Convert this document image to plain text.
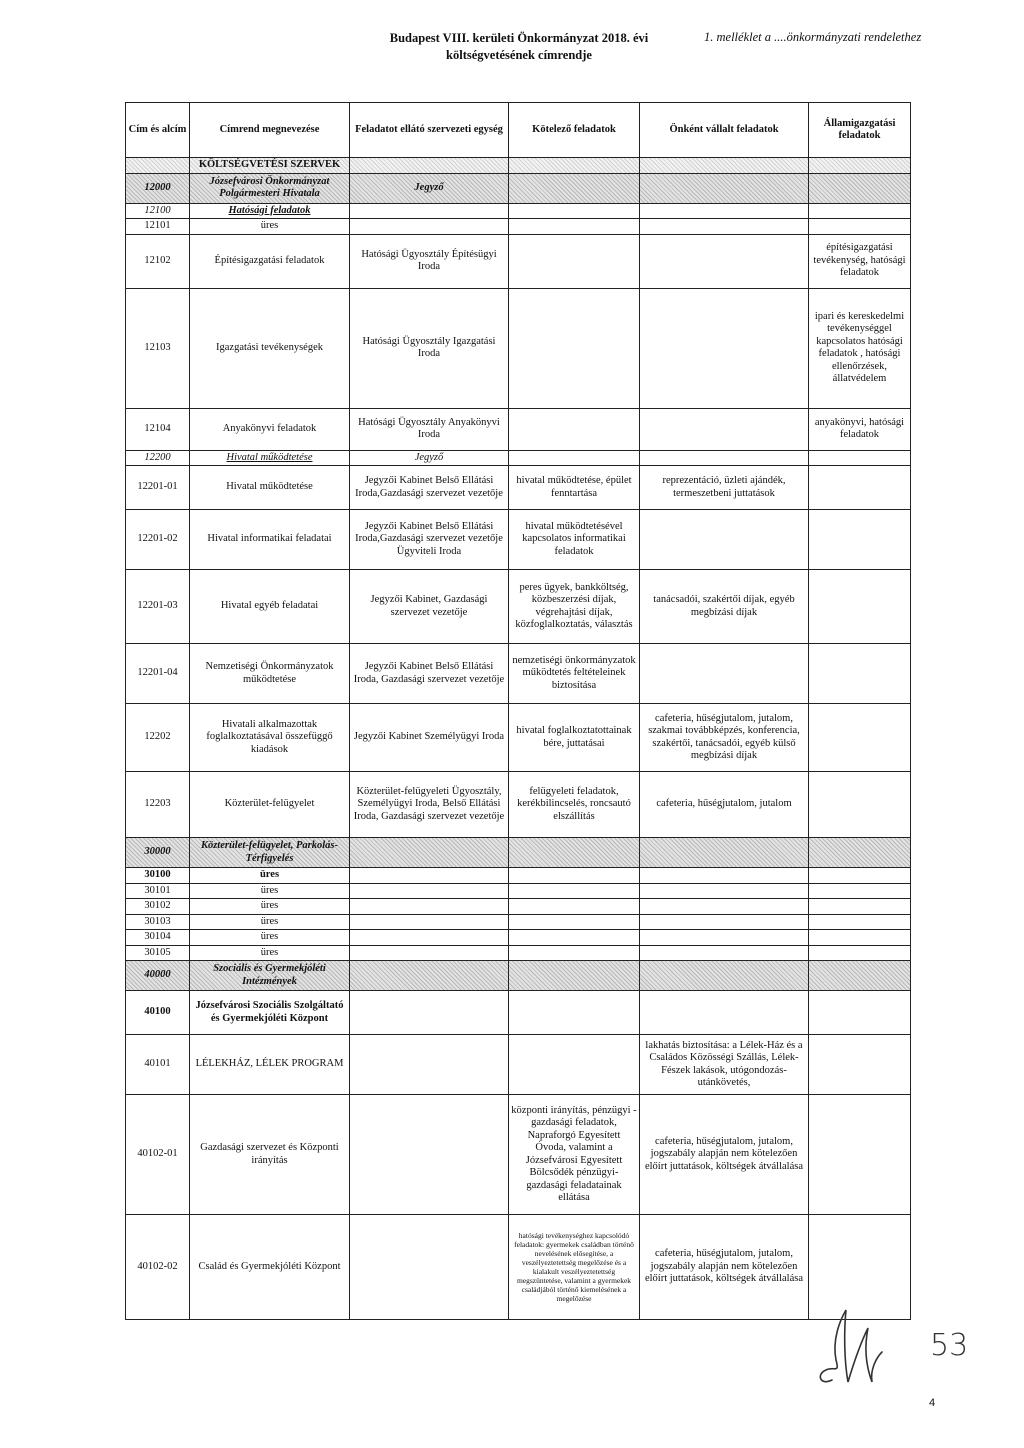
Budapest VIII. kerületi Önkormányzat 2018. évi
költségvetésének címrendje
1. melléklet a ....önkormányzati rendelethez
Cím és alcím	Címrend megnevezése	Feladatot ellátó szervezeti egység	Kötelező feladatok	Önként vállalt feladatok	Államigazgatási feladatok
	KÖLTSÉGVETÉSI SZERVEK				
12000	Józsefvárosi Önkormányzat Polgármesteri Hivatala	Jegyző			
12100	Hatósági feladatok				
12101	üres				
12102	Építésigazgatási feladatok	Hatósági Ügyosztály Építésügyi Iroda			építésigazgatási tevékenység, hatósági feladatok
12103	Igazgatási tevékenységek	Hatósági Ügyosztály Igazgatási Iroda			ipari és kereskedelmi tevékenységgel kapcsolatos hatósági feladatok , hatósági ellenőrzések, állatvédelem
12104	Anyakönyvi feladatok	Hatósági Ügyosztály Anyakönyvi Iroda			anyakönyvi, hatósági feladatok
12200	Hivatal működtetése	Jegyző			
12201-01	Hivatal működtetése	Jegyzői Kabinet Belső Ellátási Iroda,Gazdasági szervezet vezetője	hivatal működtetése, épület fenntartása	reprezentáció, üzleti ajándék, termeszetbeni juttatások	
12201-02	Hivatal informatikai feladatai	Jegyzői Kabinet Belső Ellátási Iroda,Gazdasági szervezet vezetője Ügyviteli Iroda	hivatal működtetésével kapcsolatos informatikai feladatok		
12201-03	Hivatal egyéb feladatai	Jegyzői Kabinet, Gazdasági szervezet vezetője	peres ügyek, bankköltség, közbeszerzési díjak, végrehajtási díjak, közfoglalkoztatás, választás	tanácsadói, szakértői díjak, egyéb megbízási díjak	
12201-04	Nemzetiségi Önkormányzatok működtetése	Jegyzői Kabinet Belső Ellátási Iroda, Gazdasági szervezet vezetője	nemzetiségi önkormányzatok működtetés feltételeinek biztosítása		
12202	Hivatali alkalmazottak foglalkoztatásával összefüggő kiadások	Jegyzői Kabinet Személyügyi Iroda	hivatal foglalkoztatottainak bére, juttatásai	cafeteria, hűségjutalom, jutalom, szakmai továbbképzés, konferencia, szakértői, tanácsadói, egyéb külső megbízási díjak	
12203	Közterület-felügyelet	Közterület-felügyeleti Ügyosztály, Személyügyi Iroda, Belső Ellátási Iroda, Gazdasági szervezet vezetője	felügyeleti feladatok, kerékbilincselés, roncsautó elszállítás	cafeteria, hűségjutalom, jutalom	
30000	Közterület-felügyelet, Parkolás-Térfigyelés				
30100	üres				
30101	üres				
30102	üres				
30103	üres				
30104	üres				
30105	üres				
40000	Szociális és Gyermekjóléti Intézmények				
40100	Józsefvárosi Szociális Szolgáltató és Gyermekjóléti Központ				
40101	LÉLEKHÁZ, LÉLEK PROGRAM			lakhatás biztosítása: a Lélek-Ház és a Családos Közösségi Szállás, Lélek-Fészek lakások, utógondozás-utánkövetés,	
40102-01	Gazdasági szervezet és Központi irányítás		központi irányítás, pénzügyi - gazdasági feladatok, Napraforgó Egyesített Óvoda, valamint a Józsefvárosi Egyesített Bölcsődék pénzügyi-gazdasági feladatainak ellátása	cafeteria, hűségjutalom, jutalom, jogszabály alapján nem kötelezően előírt juttatások, költségek átvállalása	
40102-02	Család és Gyermekjóléti Központ		hatósági tevékenységhez kapcsolódó feladatok: gyermekek családban történő nevelésének elősegítése, a veszélyeztetettség megelőzése és a kialakult veszélyeztetettség megszüntetése, valamint a gyermekek családjából történő kiemelésének a megelőzése	cafeteria, hűségjutalom, jutalom, jogszabály alapján nem kötelezően előírt juttatások, költségek átvállalása	
53
4
